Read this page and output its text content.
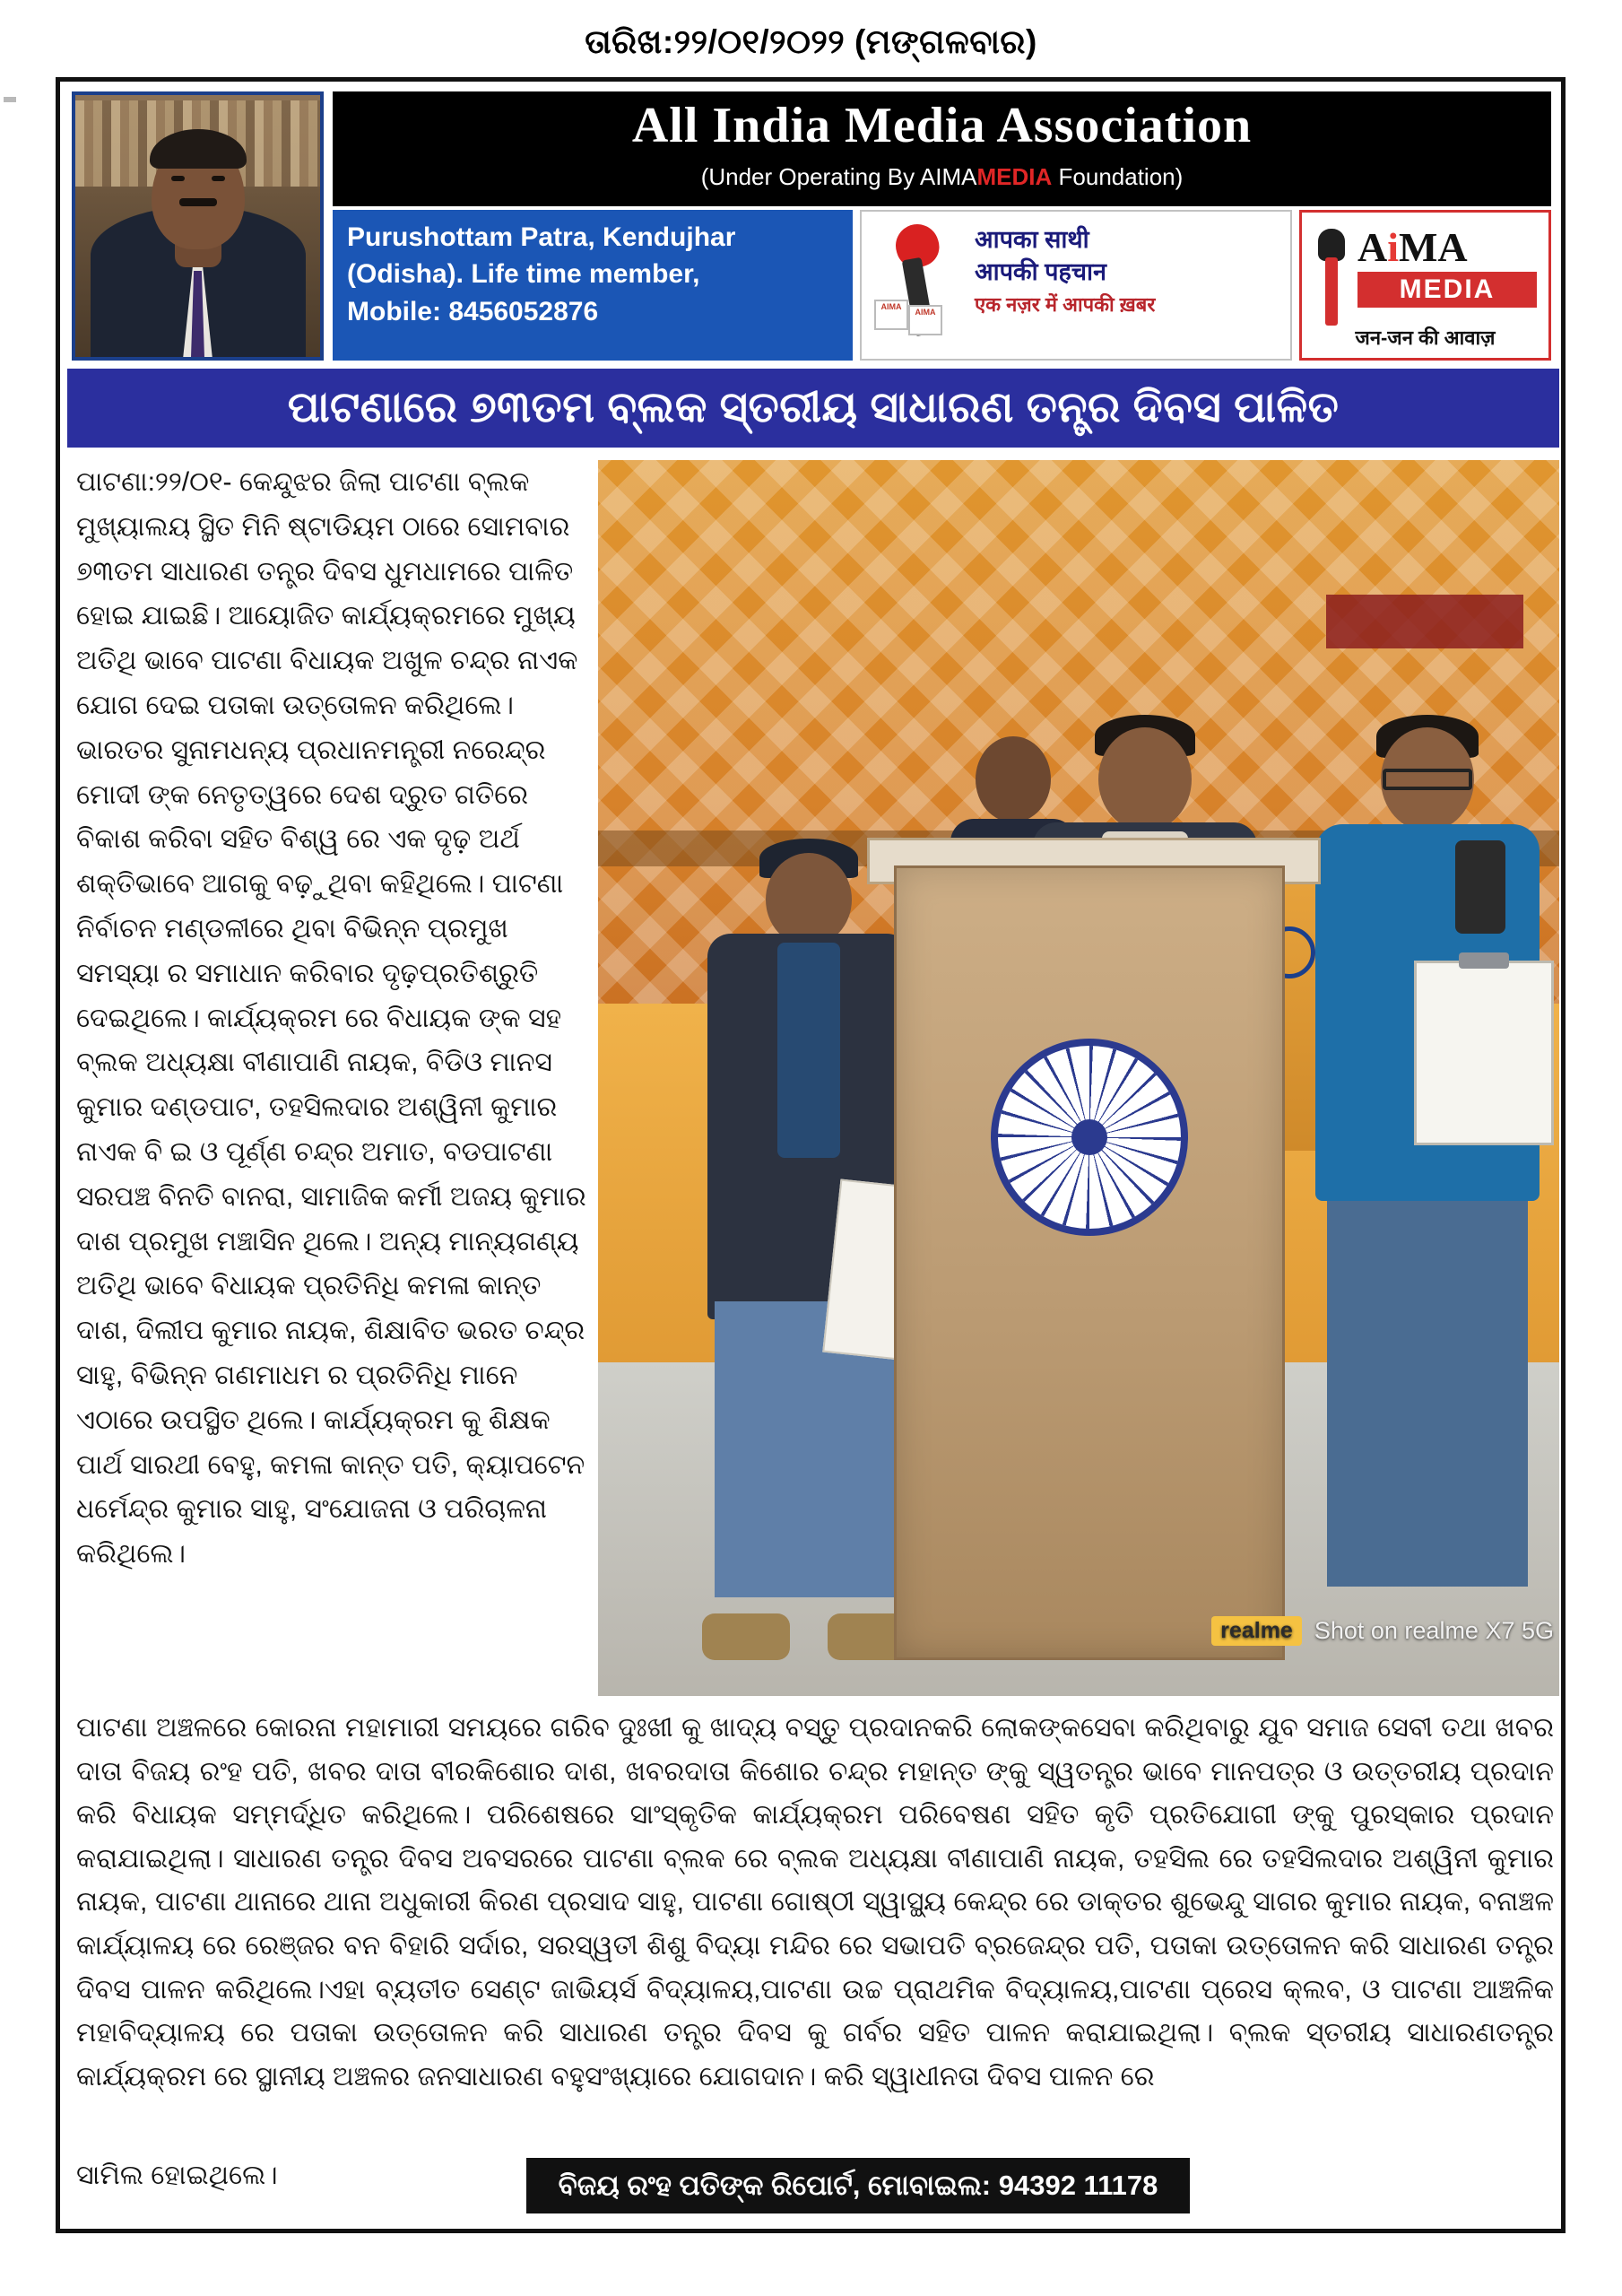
ତାରିଖ:୨୨/୦୧/୨୦୨୨ (ମଙ୍ଗଳବାର)
All India Media Association
(Under Operating By AIMAMEDIA Foundation)
Purushottam Patra, Kendujhar
(Odisha). Life time member,
Mobile: 8456052876	AIMA
AIMA
आपका साथी
आपकी पहचान
एक नज़र में आपकी ख़बर
AiMA
MEDIA
जन-जन की आवाज़
ପାଟଣାରେ ୭୩ତମ ବ୍ଲକ ସ୍ତରୀୟ ସାଧାରଣ ତନ୍ତ୍ର ଦିବସ ପାଳିତ
ପାଟଣା:୨୨/୦୧- କେନ୍ଦୁଝର ଜିଲା ପାଟଣା ବ୍ଲକ ମୁଖ୍ୟାଲୟ ସ୍ଥିତ ମିନି ଷ୍ଟାଡିୟମ ଠାରେ ସୋମବାର ୭୩ତମ ସାଧାରଣ ତନ୍ତ୍ର ଦିବସ ଧୁମଧାମରେ ପାଳିତ ହୋଇ ଯାଇଛି। ଆୟୋଜିତ କାର୍ଯ୍ୟକ୍ରମରେ ମୁଖ୍ୟ ଅତିଥି ଭାବେ ପାଟଣା ବିଧାୟକ ଅଖୁଳ ଚନ୍ଦ୍ର ନାଏକ ଯୋଗ ଦେଇ ପତାକା ଉତ୍ତୋଳନ କରିଥିଲେ। ଭାରତର ସୁନାମଧନ୍ୟ ପ୍ରଧାନମନ୍ତ୍ରୀ ନରେନ୍ଦ୍ର ମୋଦୀ ଙ୍କ ନେତୃତ୍ୱରେ ଦେଶ ଦ୍ରୁତ ଗତିରେ ବିକାଶ କରିବା ସହିତ ବିଶ୍ୱ ରେ ଏକ ଦୃଢ଼ ଅର୍ଥ ଶକ୍ତିଭାବେ ଆଗକୁ ବଢ଼ୁଥିବା କହିଥିଲେ। ପାଟଣା ନିର୍ବାଚନ ମଣ୍ଡଳୀରେ ଥିବା ବିଭିନ୍ନ ପ୍ରମୁଖ ସମସ୍ୟା ର ସମାଧାନ କରିବାର ଦୃଢ଼ପ୍ରତିଶ୍ରୁତି ଦେଇଥିଲେ। କାର୍ଯ୍ୟକ୍ରମ ରେ ବିଧାୟକ ଙ୍କ ସହ ବ୍ଲକ ଅଧ୍ୟକ୍ଷା ବୀଣାପାଣି ନାୟକ, ବିଡିଓ ମାନସ କୁମାର ଦଣ୍ଡପାଟ, ତହସିଲଦାର ଅଶ୍ୱିନୀ କୁମାର ନାଏକ ବି ଇ ଓ ପୂର୍ଣ୍ଣ ଚନ୍ଦ୍ର ଅମାତ, ବଡପାଟଣା ସରପଞ୍ଚ ବିନତି ବାନରା, ସାମାଜିକ କର୍ମୀ ଅଜୟ କୁମାର ଦାଶ ପ୍ରମୁଖ ମଞ୍ଚାସିନ ଥିଲେ। ଅନ୍ୟ ମାନ୍ୟଗଣ୍ୟ ଅତିଥି ଭାବେ ବିଧାୟକ ପ୍ରତିନିଧି କମଳା କାନ୍ତ ଦାଶ, ଦିଲୀପ କୁମାର ନାୟକ, ଶିକ୍ଷାବିତ ଭରତ ଚନ୍ଦ୍ର ସାହୁ, ବିଭିନ୍ନ ଗଣମାଧମ ର ପ୍ରତିନିଧି ମାନେ ଏଠାରେ ଉପସ୍ଥିତ ଥିଲେ। କାର୍ଯ୍ୟକ୍ରମ କୁ ଶିକ୍ଷକ ପାର୍ଥ ସାରଥୀ ବେହୁ, କମଳା କାନ୍ତ ପତି, କ୍ୟାପଟେନ ଧର୍ମେନ୍ଦ୍ର କୁମାର ସାହୁ, ସଂଯୋଜନା ଓ ପରିଚାଳନା କରିଥିଲେ।
realme Shot on realme X7 5G
ପାଟଣା ଅଞ୍ଚଳରେ କୋରନା ମହାମାରୀ ସମୟରେ ଗରିବ ଦୁଃଖୀ କୁ ଖାଦ୍ୟ ବସ୍ତୁ ପ୍ରଦାନକରି ଲୋକଙ୍କସେବା କରିଥିବାରୁ ଯୁବ ସମାଜ ସେବୀ ତଥା ଖବର ଦାତା ବିଜୟ ରଂହ ପତି, ଖବର ଦାତା ବୀରକିଶୋର ଦାଶ, ଖବରଦାତା କିଶୋର ଚନ୍ଦ୍ର ମହାନ୍ତ ଙ୍କୁ ସ୍ୱତନ୍ତ୍ର ଭାବେ ମାନପତ୍ର ଓ ଉତ୍ତରୀୟ ପ୍ରଦାନ କରି ବିଧାୟକ ସମ୍ମର୍ଦ୍ଧିତ କରିଥିଲେ। ପରିଶେଷରେ ସାଂସ୍କୃତିକ କାର୍ଯ୍ୟକ୍ରମ ପରିବେଷଣ ସହିତ କୃତି ପ୍ରତିଯୋଗୀ ଙ୍କୁ ପୁରସ୍କାର ପ୍ରଦାନ କରାଯାଇଥିଲା। ସାଧାରଣ ତନ୍ତ୍ର ଦିବସ ଅବସରରେ ପାଟଣା ବ୍ଲକ ରେ ବ୍ଲକ ଅଧ୍ୟକ୍ଷା ବୀଣାପାଣି ନାୟକ, ତହସିଲ ରେ ତହସିଲଦାର ଅଶ୍ୱିନୀ କୁମାର ନାୟକ, ପାଟଣା ଥାନାରେ ଥାନା ଅଧୁକାରୀ କିରଣ ପ୍ରସାଦ ସାହୁ, ପାଟଣା ଗୋଷ୍ଠୀ ସ୍ୱାସ୍ଥ୍ୟ କେନ୍ଦ୍ର ରେ ଡାକ୍ତର ଶୁଭେନ୍ଦୁ ସାଗର କୁମାର ନାୟକ, ବନାଞ୍ଚଳ କାର୍ଯ୍ୟାଳୟ ରେ ରେଞ୍ଜର ବନ ବିହାରି ସର୍ଦାର, ସରସ୍ୱତୀ ଶିଶୁ ବିଦ୍ୟା ମନ୍ଦିର ରେ ସଭାପତି ବ୍ରଜେନ୍ଦ୍ର ପତି, ପତାକା ଉତ୍ତୋଳନ କରି ସାଧାରଣ ତନ୍ତ୍ର ଦିବସ ପାଳନ କରିଥିଲେ।ଏହା ବ୍ୟତୀତ ସେଣ୍ଟ ଜାଭିୟର୍ସ ବିଦ୍ୟାଳୟ,ପାଟଣା ଉଚ୍ଚ ପ୍ରାଥମିକ ବିଦ୍ୟାଳୟ,ପାଟଣା ପ୍ରେସ କ୍ଲବ, ଓ ପାଟଣା ଆଞ୍ଚଳିକ ମହାବିଦ୍ୟାଳୟ ରେ ପତାକା ଉତ୍ତୋଳନ କରି ସାଧାରଣ ତନ୍ତ୍ର ଦିବସ କୁ ଗର୍ବର ସହିତ ପାଳନ କରାଯାଇଥିଲା। ବ୍ଲକ ସ୍ତରୀୟ ସାଧାରଣତନ୍ତ୍ର କାର୍ଯ୍ୟକ୍ରମ ରେ ସ୍ଥାନୀୟ ଅଞ୍ଚଳର ଜନସାଧାରଣ ବହୁସଂଖ୍ୟାରେ ଯୋଗଦାନ। କରି ସ୍ୱାଧୀନତା ଦିବସ ପାଳନ ରେ
ସାମିଲ ହୋଇଥିଲେ।	ବିଜୟ ରଂହ ପତିଙ୍କ ରିପୋର୍ଟ, ମୋବାଇଲ: 94392 11178
